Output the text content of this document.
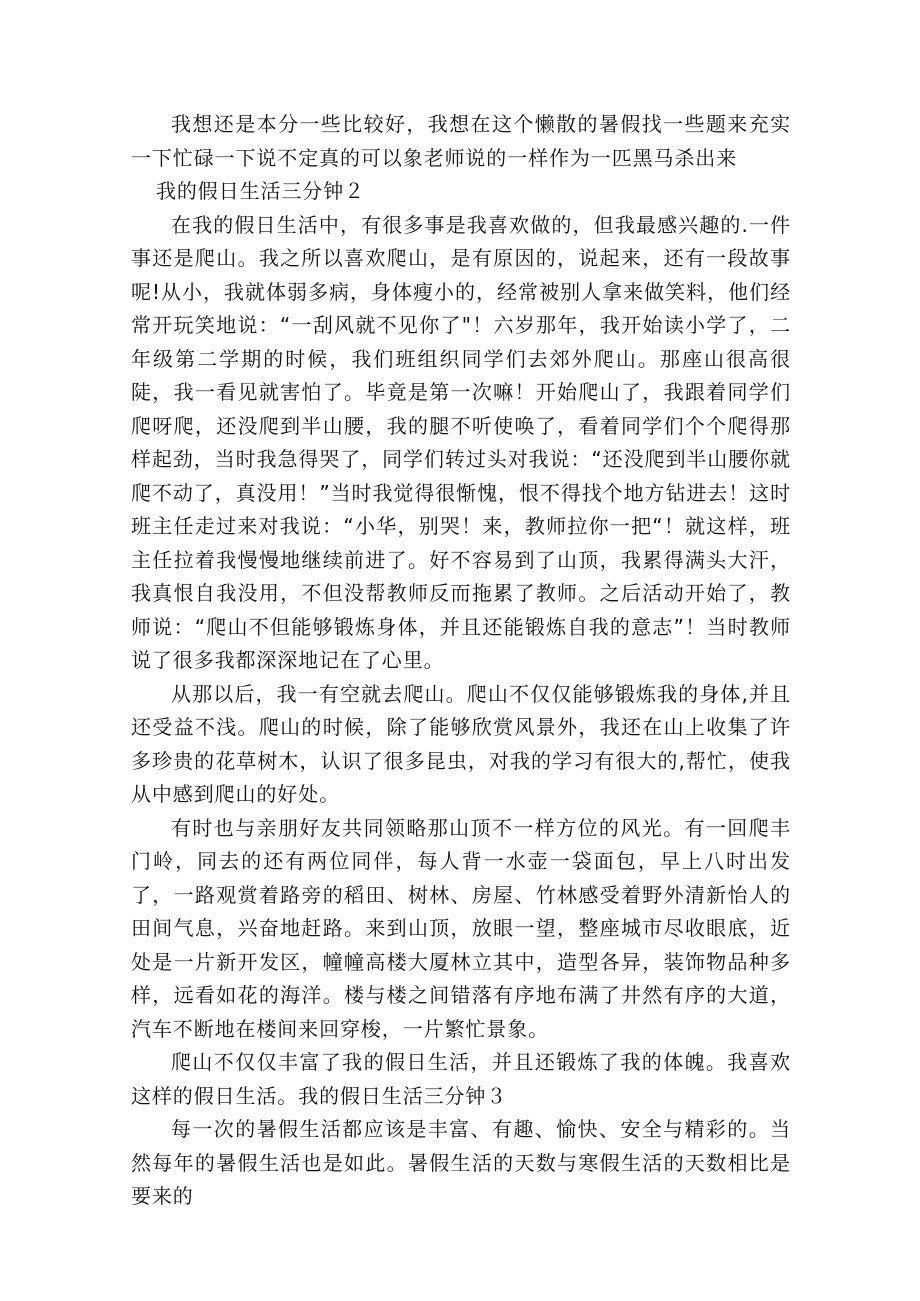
我想还是本分一些比较好，我想在这个懒散的暑假找一些题来充实一下忙碌一下说不定真的可以象老师说的一样作为一匹黑马杀出来

我的假日生活三分钟２

在我的假日生活中，有很多事是我喜欢做的，但我最感兴趣的.一件事还是爬山。我之所以喜欢爬山，是有原因的，说起来，还有一段故事呢!从小，我就体弱多病，身体瘦小的，经常被别人拿来做笑料，他们经常开玩笑地说：“一刮风就不见你了"！六岁那年，我开始读小学了，二年级第二学期的时候，我们班组织同学们去郊外爬山。那座山很高很陡，我一看见就害怕了。毕竟是第一次嘛！开始爬山了，我跟着同学们爬呀爬，还没爬到半山腰，我的腿不听使唤了，看着同学们个个爬得那样起劲，当时我急得哭了，同学们转过头对我说：“还没爬到半山腰你就爬不动了，真没用！”当时我觉得很惭愧，恨不得找个地方钻进去！这时班主任走过来对我说：“小华，别哭！来，教师拉你一把“！就这样，班主任拉着我慢慢地继续前进了。好不容易到了山顶，我累得满头大汗，我真恨自我没用，不但没帮教师反而拖累了教师。之后活动开始了，教师说：“爬山不但能够锻炼身体，并且还能锻炼自我的意志”！当时教师说了很多我都深深地记在了心里。

从那以后，我一有空就去爬山。爬山不仅仅能够锻炼我的身体,并且还受益不浅。爬山的时候，除了能够欣赏风景外，我还在山上收集了许多珍贵的花草树木，认识了很多昆虫，对我的学习有很大的,帮忙，使我从中感到爬山的好处。

有时也与亲朋好友共同领略那山顶不一样方位的风光。有一回爬丰门岭，同去的还有两位同伴，每人背一水壶一袋面包，早上八时出发了，一路观赏着路旁的稻田、树林、房屋、竹林感受着野外清新怡人的田间气息，兴奋地赶路。来到山顶，放眼一望，整座城市尽收眼底，近处是一片新开发区，幢幢高楼大厦林立其中，造型各异，装饰物品种多样，远看如花的海洋。楼与楼之间错落有序地布满了井然有序的大道，汽车不断地在楼间来回穿梭，一片繁忙景象。

爬山不仅仅丰富了我的假日生活，并且还锻炼了我的体魄。我喜欢这样的假日生活。我的假日生活三分钟３

每一次的暑假生活都应该是丰富、有趣、愉快、安全与精彩的。当然每年的暑假生活也是如此。暑假生活的天数与寒假生活的天数相比是要来的
